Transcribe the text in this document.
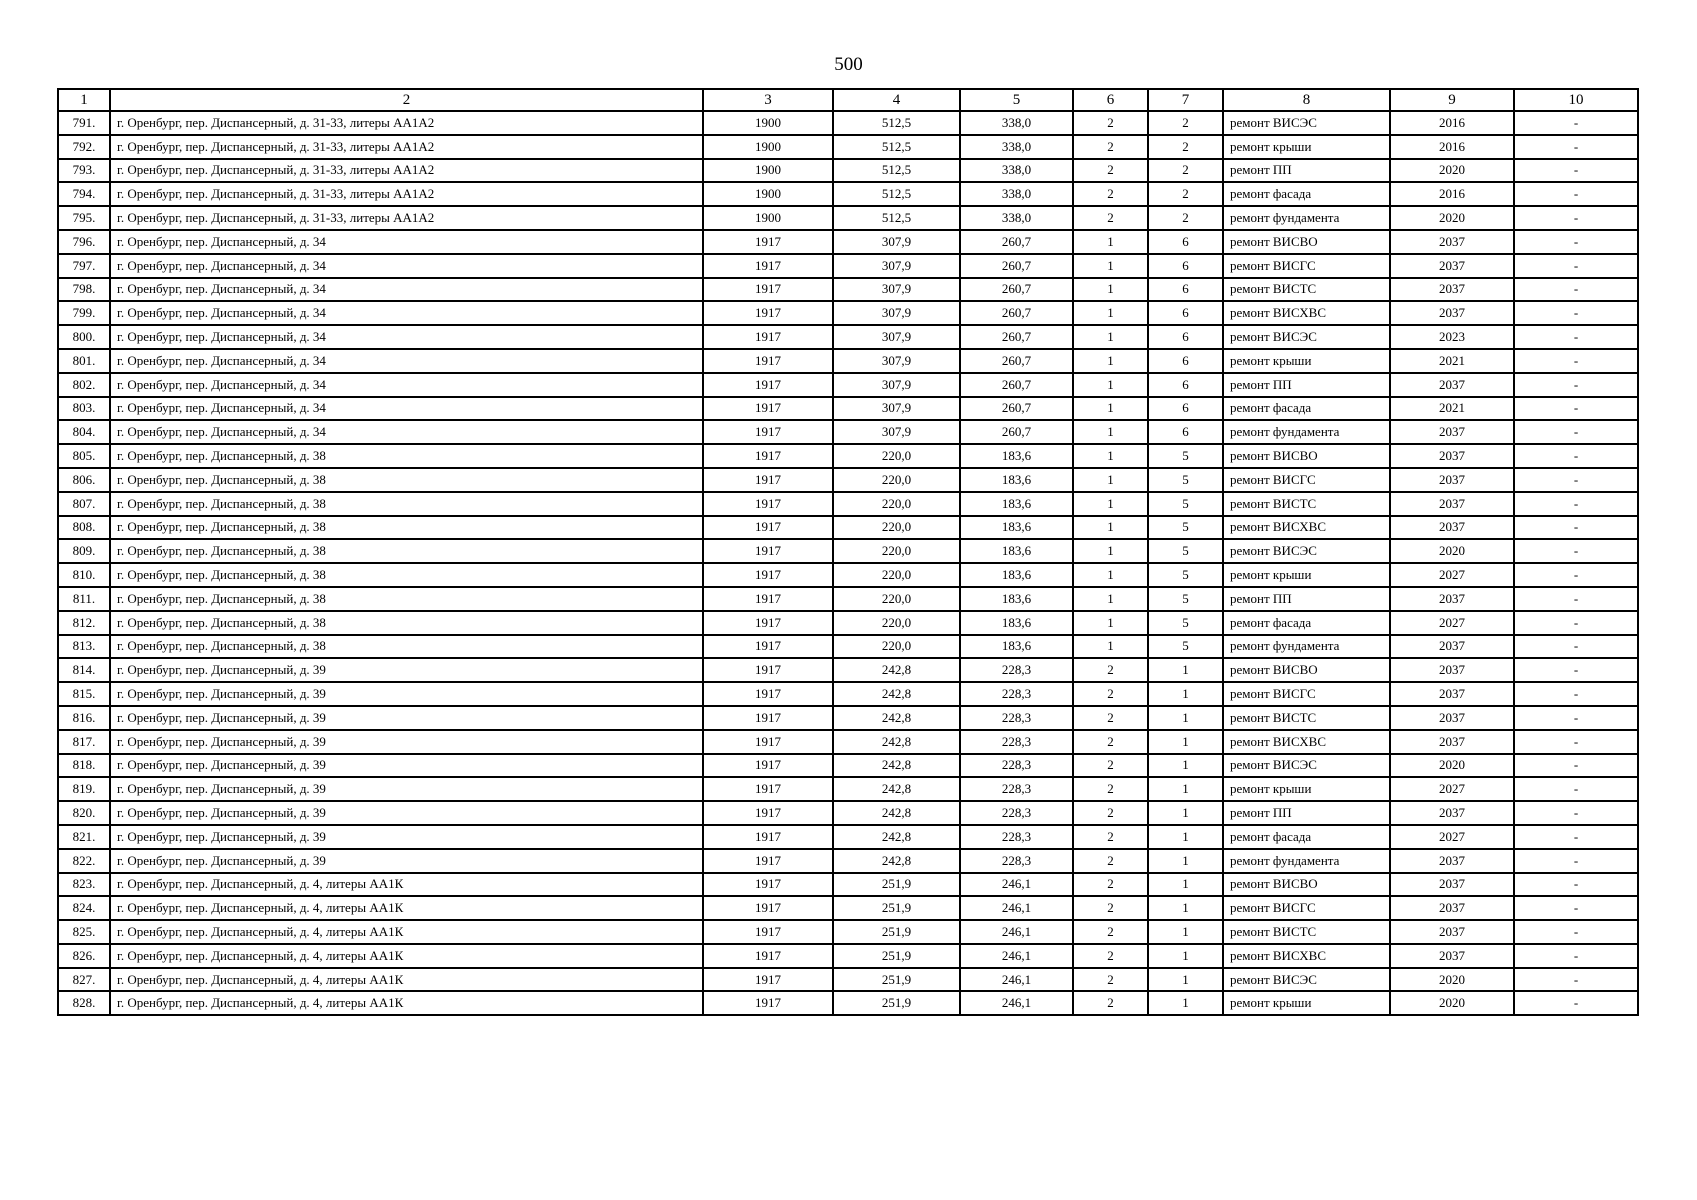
500
1	2	3	4	5	6	7	8	9	10
791.	г. Оренбург, пер. Диспансерный, д. 31-33, литеры АА1А2	1900	512,5	338,0	2	2	ремонт ВИСЭС	2016	-
792.	г. Оренбург, пер. Диспансерный, д. 31-33, литеры АА1А2	1900	512,5	338,0	2	2	ремонт крыши	2016	-
793.	г. Оренбург, пер. Диспансерный, д. 31-33, литеры АА1А2	1900	512,5	338,0	2	2	ремонт ПП	2020	-
794.	г. Оренбург, пер. Диспансерный, д. 31-33, литеры АА1А2	1900	512,5	338,0	2	2	ремонт фасада	2016	-
795.	г. Оренбург, пер. Диспансерный, д. 31-33, литеры АА1А2	1900	512,5	338,0	2	2	ремонт фундамента	2020	-
796.	г. Оренбург, пер. Диспансерный, д. 34	1917	307,9	260,7	1	6	ремонт ВИСВО	2037	-
797.	г. Оренбург, пер. Диспансерный, д. 34	1917	307,9	260,7	1	6	ремонт ВИСГС	2037	-
798.	г. Оренбург, пер. Диспансерный, д. 34	1917	307,9	260,7	1	6	ремонт ВИСТС	2037	-
799.	г. Оренбург, пер. Диспансерный, д. 34	1917	307,9	260,7	1	6	ремонт ВИСХВС	2037	-
800.	г. Оренбург, пер. Диспансерный, д. 34	1917	307,9	260,7	1	6	ремонт ВИСЭС	2023	-
801.	г. Оренбург, пер. Диспансерный, д. 34	1917	307,9	260,7	1	6	ремонт крыши	2021	-
802.	г. Оренбург, пер. Диспансерный, д. 34	1917	307,9	260,7	1	6	ремонт ПП	2037	-
803.	г. Оренбург, пер. Диспансерный, д. 34	1917	307,9	260,7	1	6	ремонт фасада	2021	-
804.	г. Оренбург, пер. Диспансерный, д. 34	1917	307,9	260,7	1	6	ремонт фундамента	2037	-
805.	г. Оренбург, пер. Диспансерный, д. 38	1917	220,0	183,6	1	5	ремонт ВИСВО	2037	-
806.	г. Оренбург, пер. Диспансерный, д. 38	1917	220,0	183,6	1	5	ремонт ВИСГС	2037	-
807.	г. Оренбург, пер. Диспансерный, д. 38	1917	220,0	183,6	1	5	ремонт ВИСТС	2037	-
808.	г. Оренбург, пер. Диспансерный, д. 38	1917	220,0	183,6	1	5	ремонт ВИСХВС	2037	-
809.	г. Оренбург, пер. Диспансерный, д. 38	1917	220,0	183,6	1	5	ремонт ВИСЭС	2020	-
810.	г. Оренбург, пер. Диспансерный, д. 38	1917	220,0	183,6	1	5	ремонт крыши	2027	-
811.	г. Оренбург, пер. Диспансерный, д. 38	1917	220,0	183,6	1	5	ремонт ПП	2037	-
812.	г. Оренбург, пер. Диспансерный, д. 38	1917	220,0	183,6	1	5	ремонт фасада	2027	-
813.	г. Оренбург, пер. Диспансерный, д. 38	1917	220,0	183,6	1	5	ремонт фундамента	2037	-
814.	г. Оренбург, пер. Диспансерный, д. 39	1917	242,8	228,3	2	1	ремонт ВИСВО	2037	-
815.	г. Оренбург, пер. Диспансерный, д. 39	1917	242,8	228,3	2	1	ремонт ВИСГС	2037	-
816.	г. Оренбург, пер. Диспансерный, д. 39	1917	242,8	228,3	2	1	ремонт ВИСТС	2037	-
817.	г. Оренбург, пер. Диспансерный, д. 39	1917	242,8	228,3	2	1	ремонт ВИСХВС	2037	-
818.	г. Оренбург, пер. Диспансерный, д. 39	1917	242,8	228,3	2	1	ремонт ВИСЭС	2020	-
819.	г. Оренбург, пер. Диспансерный, д. 39	1917	242,8	228,3	2	1	ремонт крыши	2027	-
820.	г. Оренбург, пер. Диспансерный, д. 39	1917	242,8	228,3	2	1	ремонт ПП	2037	-
821.	г. Оренбург, пер. Диспансерный, д. 39	1917	242,8	228,3	2	1	ремонт фасада	2027	-
822.	г. Оренбург, пер. Диспансерный, д. 39	1917	242,8	228,3	2	1	ремонт фундамента	2037	-
823.	г. Оренбург, пер. Диспансерный, д. 4, литеры АА1К	1917	251,9	246,1	2	1	ремонт ВИСВО	2037	-
824.	г. Оренбург, пер. Диспансерный, д. 4, литеры АА1К	1917	251,9	246,1	2	1	ремонт ВИСГС	2037	-
825.	г. Оренбург, пер. Диспансерный, д. 4, литеры АА1К	1917	251,9	246,1	2	1	ремонт ВИСТС	2037	-
826.	г. Оренбург, пер. Диспансерный, д. 4, литеры АА1К	1917	251,9	246,1	2	1	ремонт ВИСХВС	2037	-
827.	г. Оренбург, пер. Диспансерный, д. 4, литеры АА1К	1917	251,9	246,1	2	1	ремонт ВИСЭС	2020	-
828.	г. Оренбург, пер. Диспансерный, д. 4, литеры АА1К	1917	251,9	246,1	2	1	ремонт крыши	2020	-
